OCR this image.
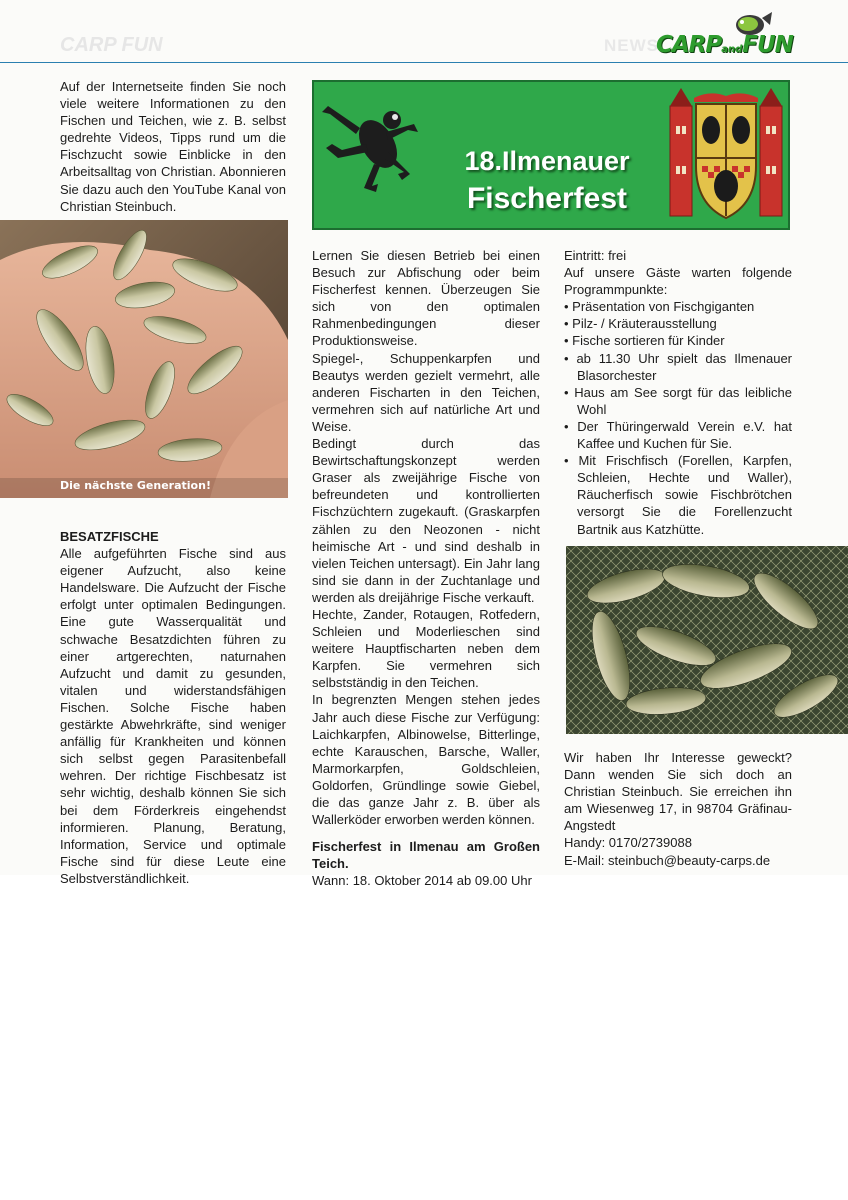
CARP FUN	NEWS
CARPandFUN

Auf der Internetseite finden Sie noch viele weitere Informationen zu den Fischen und Teichen, wie z. B. selbst gedrehte Videos, Tipps rund um die Fischzucht sowie Einblicke in den Arbeitsalltag von Christian. Abonnieren Sie dazu auch den YouTube Kanal von Christian Steinbuch.

Die nächste Generation!

BESATZFISCHE

Alle aufgeführten Fische sind aus eigener Aufzucht, also keine Handelsware. Die Aufzucht der Fische erfolgt unter optimalen Bedingungen. Eine gute Wasserqualität und schwache Besatzdichten führen zu einer artgerechten, naturnahen Aufzucht und damit zu gesunden, vitalen und widerstandsfähigen Fischen. Solche Fische haben gestärkte Abwehrkräfte, sind weniger anfällig für Krankheiten und können sich selbst gegen Parasitenbefall wehren. Der richtige Fischbesatz ist sehr wichtig, deshalb können Sie sich bei dem Förderkreis eingehendst informieren. Planung, Beratung, Information, Service und optimale Fische sind für diese Leute eine Selbstverständlichkeit.

18.Ilmenauer
Fischerfest

Lernen Sie diesen Betrieb bei einen Besuch zur Abfischung oder beim Fischerfest kennen. Überzeugen Sie sich von den optimalen Rahmenbedingungen dieser Produktionsweise.

Spiegel-, Schuppenkarpfen und Beautys werden gezielt vermehrt, alle anderen Fischarten in den Teichen, vermehren sich auf natürliche Art und Weise.

Bedingt durch das Bewirtschaftungskonzept werden Graser als zweijährige Fische von befreundeten und kontrollierten Fischzüchtern zugekauft. (Graskarpfen zählen zu den Neozonen - nicht heimische Art - und sind deshalb in vielen Teichen untersagt). Ein Jahr lang sind sie dann in der Zuchtanlage und werden als dreijährige Fische verkauft.

Hechte, Zander, Rotaugen, Rotfedern, Schleien und Moderlieschen sind weitere Hauptfischarten neben dem Karpfen. Sie vermehren sich selbstständig in den Teichen.

In begrenzten Mengen stehen jedes Jahr auch diese Fische zur Verfügung: Laichkarpfen, Albinowelse, Bitterlinge, echte Karauschen, Barsche, Waller, Marmorkarpfen, Goldschleien, Goldorfen, Gründlinge sowie Giebel, die das ganze Jahr z. B. über als Wallerköder erworben werden können.

Fischerfest in Ilmenau am Großen Teich.

Wann: 18. Oktober 2014 ab 09.00 Uhr

Eintritt: frei

Auf unsere Gäste warten folgende Programmpunkte:

• Präsentation von Fischgiganten
• Pilz- / Kräuterausstellung
• Fische sortieren für Kinder
• ab 11.30 Uhr spielt das Ilmenauer Blasorchester
• Haus am See sorgt für das leibliche Wohl
• Der Thüringerwald Verein e.V. hat Kaffee und Kuchen für Sie.
• Mit Frischfisch (Forellen, Karpfen, Schleien, Hechte und Waller), Räucherfisch sowie Fischbrötchen versorgt Sie die Forellenzucht Bartnik aus Katzhütte.

Wir haben Ihr Interesse geweckt? Dann wenden Sie sich doch an Christian Steinbuch. Sie erreichen ihn am Wiesenweg 17, in 98704 Gräfinau-Angstedt

Handy: 0170/2739088

E-Mail: steinbuch@beauty-carps.de
